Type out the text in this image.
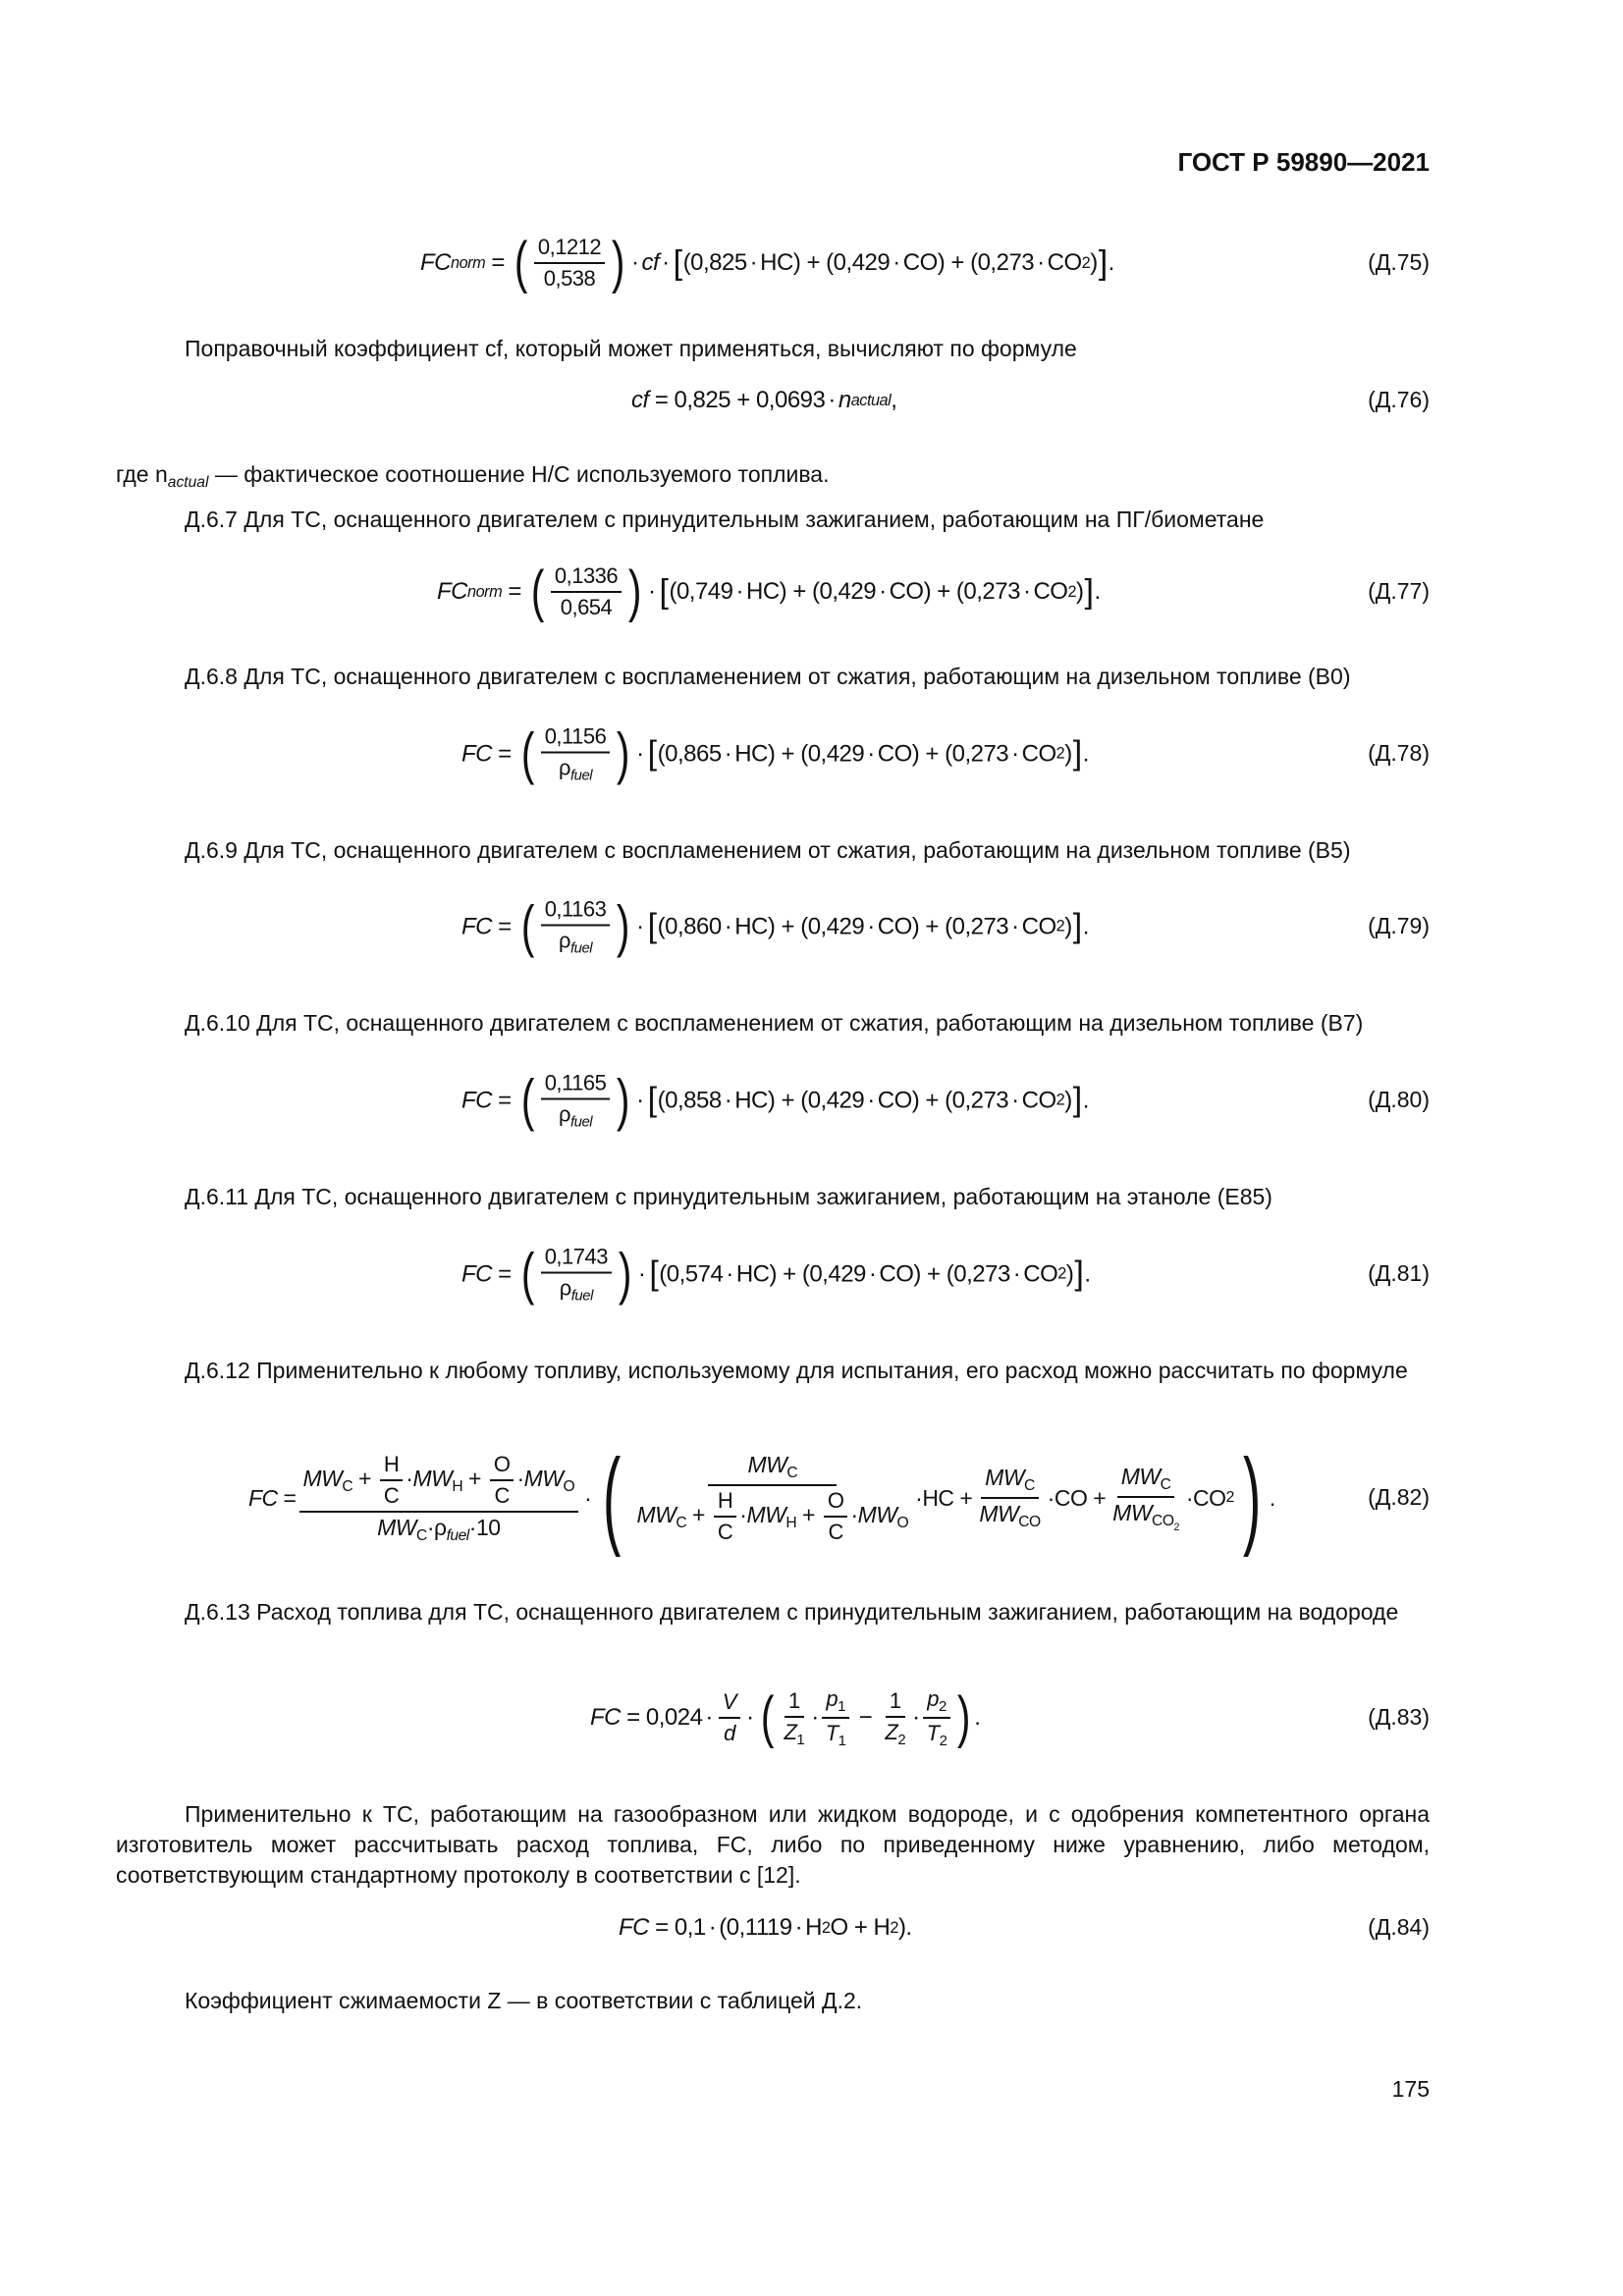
ГОСТ Р 59890—2021
FC norm = ( $\frac{0,1212}{0,538}$ ) · cf · [ ( 0,825 · HC) + ( 0,429 · CO) + ( 0,273 · CO 2 ) ] .	(Д.75)
Поправочный коэффициент cf, который может применяться, вычисляют по формуле
cf = 0,825 + 0,0693 · n actual ,	(Д.76)
где $n_{actual}$ — фактическое соотношение H/C используемого топлива.
Д.6.7 Для ТС, оснащенного двигателем с принудительным зажиганием, работающим на ПГ/биометане
FC norm = ( $\frac{0,1336}{0,654}$ ) · [ ( 0,749 · HC) + ( 0,429 · CO) + ( 0,273 · CO 2 ) ] .	(Д.77)
Д.6.8 Для ТС, оснащенного двигателем с воспламенением от сжатия, работающим на дизельном топливе (В0)
FC = ( $\frac{0,1156}{\rho_{fuel}}$ ) · [ ( 0,865 · HC) + ( 0,429 · CO) + ( 0,273 · CO 2 ) ] .	(Д.78)
Д.6.9 Для ТС, оснащенного двигателем с воспламенением от сжатия, работающим на дизельном топливе (В5)
FC = ( $\frac{0,1163}{\rho_{fuel}}$ ) · [ ( 0,860 · HC) + ( 0,429 · CO) + ( 0,273 · CO 2 ) ] .	(Д.79)
Д.6.10 Для ТС, оснащенного двигателем с воспламенением от сжатия, работающим на дизельном топливе (В7)
FC = ( $\frac{0,1165}{\rho_{fuel}}$ ) · [ ( 0,858 · HC) + ( 0,429 · CO) + ( 0,273 · CO 2 ) ] .	(Д.80)
Д.6.11 Для ТС, оснащенного двигателем с принудительным зажиганием, работающим на этаноле (Е85)
FC = ( $\frac{0,1743}{\rho_{fuel}}$ ) · [ ( 0,574 · HC) + ( 0,429 · CO) + ( 0,273 · CO 2 ) ] .	(Д.81)
Д.6.12 Применительно к любому топливу, используемому для испытания, его расход можно рассчитать по формуле
FC = $\frac{MW_C + \frac{H}{C} \cdot MW_H + \frac{O}{C} \cdot MW_O}{MW_C\cdot\rho_{fuel}\cdot 10}$ · ( $\frac{MW_C}{MW_C + \frac{H}{C} \cdot MW_H + \frac{O}{C} \cdot MW_O} \cdot HC + \frac{MW_C}{MW_{CO}} \cdot CO + \frac{MW_C}{MW_{CO_2}} \cdot CO$ 2 ) .	(Д.82)
Д.6.13 Расход топлива для ТС, оснащенного двигателем с принудительным зажиганием, работающим на водороде
FC = $0,024 \cdot \frac{V}{d}$ · ( $\frac{1}{Z_1} \cdot \frac{p_1}{T_1} - \frac{1}{Z_2} \cdot \frac{p_2}{T_2}$ ) .	(Д.83)
Применительно к ТС, работающим на газообразном или жидком водороде, и с одобрения компетентного органа изготовитель может рассчитывать расход топлива, FC, либо по приведенному ниже уравнению, либо методом, соответствующим стандартному протоколу в соответствии с [12].
FC = 0,1 · ( 0,1119 · H 2 O + H 2 ).	(Д.84)
Коэффициент сжимаемости Z — в соответствии с таблицей Д.2.
175
